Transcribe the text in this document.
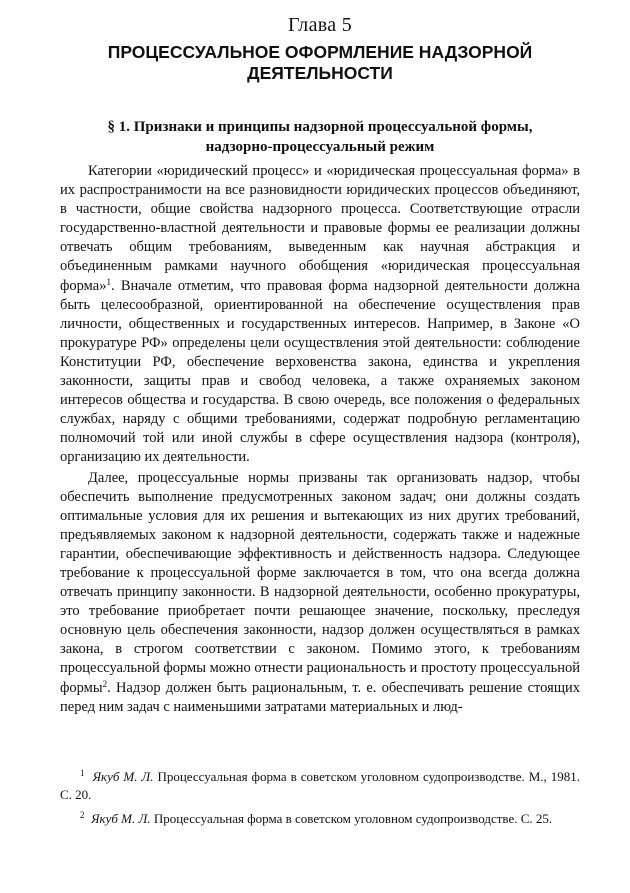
Глава 5
ПРОЦЕССУАЛЬНОЕ ОФОРМЛЕНИЕ НАДЗОРНОЙ
ДЕЯТЕЛЬНОСТИ
§ 1. Признаки и принципы надзорной процессуальной формы,
надзорно-процессуальный режим

Категории «юридический процесс» и «юридическая процессуальная форма» в их распространимости на все разновидности юридических процессов объединяют, в частности, общие свойства надзорного процесса. Соответствующие отрасли государственно-властной деятельности и правовые формы ее реализации должны отвечать общим требованиям, выведенным как научная абстракция и объединенным рамками научного обобщения «юридическая процессуальная форма»$^1$. Вначале отметим, что правовая форма надзорной деятельности должна быть целесообразной, ориентированной на обеспечение осуществления прав личности, общественных и государственных интересов. Например, в Законе «О прокуратуре РФ» определены цели осуществления этой деятельности: соблюдение Конституции РФ, обеспечение верховенства закона, единства и укрепления законности, защиты прав и свобод человека, а также охраняемых законом интересов общества и государства. В свою очередь, все положения о федеральных службах, наряду с общими требованиями, содержат подробную регламентацию полномочий той или иной службы в сфере осуществления надзора (контроля), организацию их деятельности.

Далее, процессуальные нормы призваны так организовать надзор, чтобы обеспечить выполнение предусмотренных законом задач; они должны создать оптимальные условия для их решения и вытекающих из них других требований, предъявляемых законом к надзорной деятельности, содержать также и надежные гарантии, обеспечивающие эффективность и действенность надзора. Следующее требование к процессуальной форме заключается в том, что она всегда должна отвечать принципу законности. В надзорной деятельности, особенно прокуратуры, это требование приобретает почти решающее значение, поскольку, преследуя основную цель обеспечения законности, надзор должен осуществляться в рамках закона, в строгом соответствии с законом. Помимо этого, к требованиям процессуальной формы можно отнести рациональность и простоту процессуальной формы$^2$. Надзор должен быть рациональным, т. е. обеспечивать решение стоящих перед ним задач с наименьшими затратами материальных и люд-

$^1$ Якуб М. Л. Процессуальная форма в советском уголовном судопроизводстве. М., 1981. С. 20.

$^2$ Якуб М. Л. Процессуальная форма в советском уголовном судопроизводстве. С. 25.
